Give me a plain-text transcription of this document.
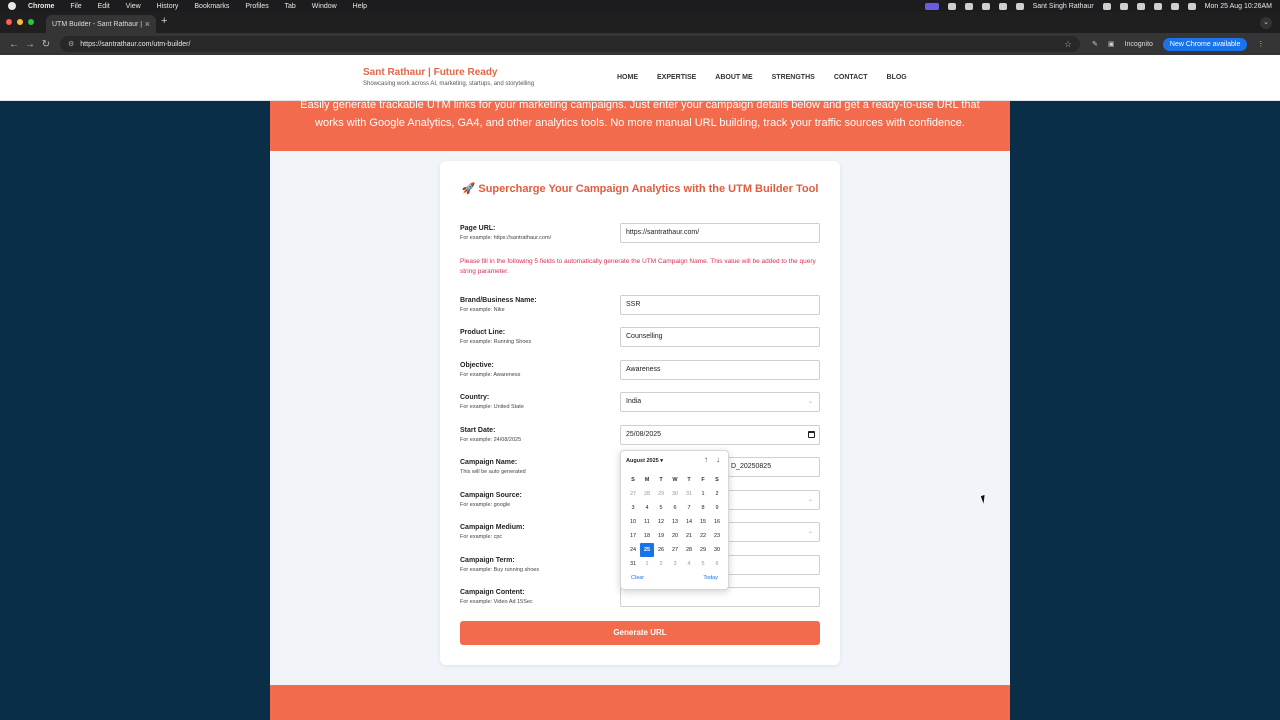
Chrome File Edit View History Bookmarks Profiles Tab Window Help	Sant Singh Rathaur	Mon 25 Aug 10:26AM
UTM Builder - Sant Rathaur | × +	⌄
← → ↻	⚙ https://santrathaur.com/utm-builder/	☆	✎ ▣ Incognito	New Chrome available	⋮
Sant Rathaur | Future Ready
Showcasing work across AI, marketing, startups, and storytelling
HOME	EXPERTISE	ABOUT ME	STRENGTHS	CONTACT	BLOG

Easily generate trackable UTM links for your marketing campaigns. Just enter your campaign details below and get a ready-to-use URL that works with Google Analytics, GA4, and other analytics tools. No more manual URL building, track your traffic sources with confidence.

🚀 Supercharge Your Campaign Analytics with the UTM Builder Tool
Page URL:
For example: https://santrathaur.com/
https://santrathaur.com/
Please fill in the following 5 fields to automatically generate the UTM Campaign Name. This value will be added to the query string parameter.
Brand/Business Name:
For example: Nike
SSR
Product Line:
For example: Running Shoes
Counselling
Objective:
For example: Awareness
Awareness
Country:
For example: United State
India	⌄
Start Date:
For example: 24/08/2025
25/08/2025
Campaign Name:
This will be auto generated
D_20250825
Campaign Source:
For example: google
⌄
Campaign Medium:
For example: cpc
⌄
Campaign Term:
For example: Buy running shoes
Campaign Content:
For example: Video Ad 15Sec
Generate URL
August 2025 ▾	↑ ↓
S	M	T	W	T	F	S
27	28	29	30	31	1	2
3	4	5	6	7	8	9
10	11	12	13	14	15	16
17	18	19	20	21	22	23
24	25	26	27	28	29	30
31	1	2	3	4	5	6
Clear	Today
